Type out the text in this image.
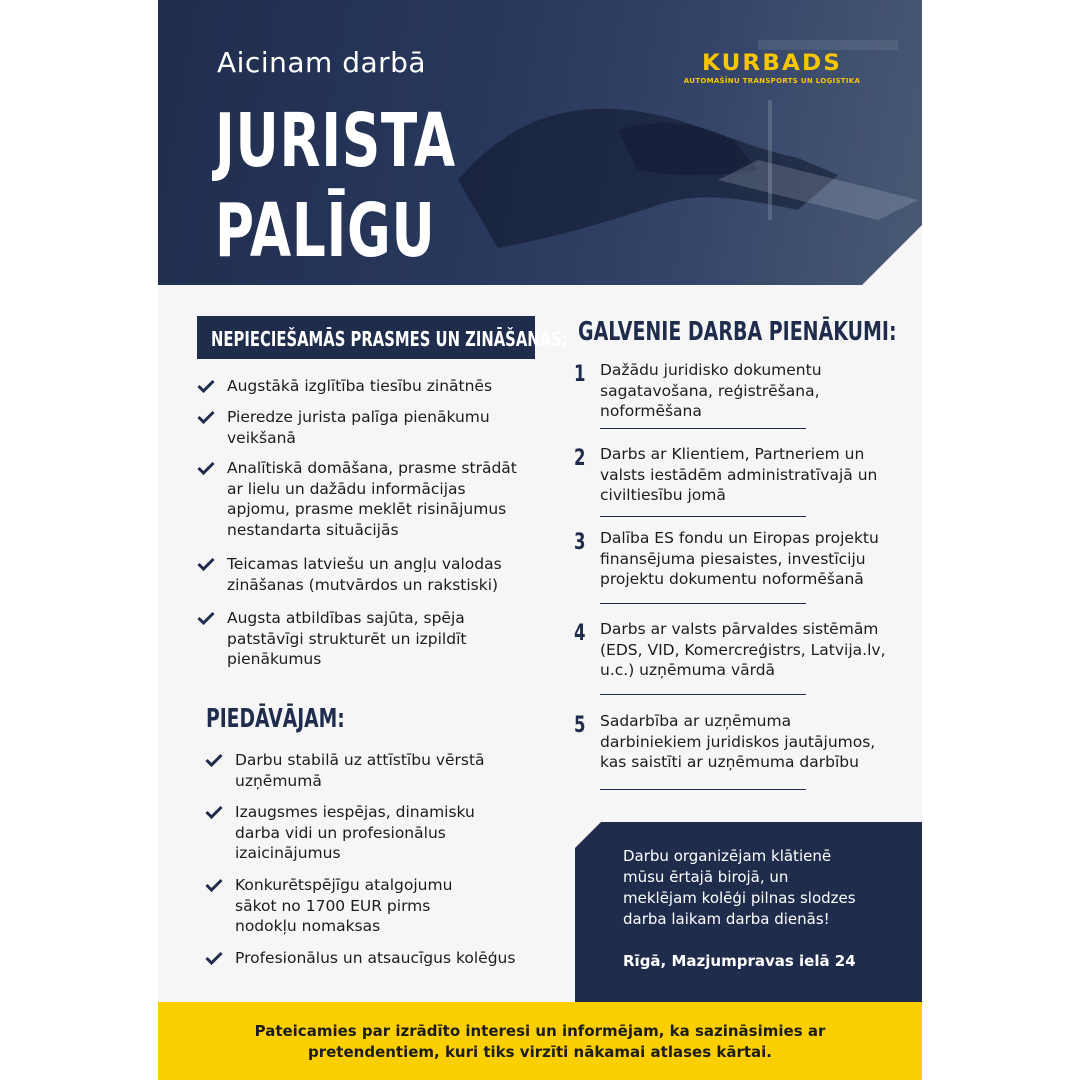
Aicinam darbā
JURISTA
PALĪGU
KURBADS
AUTOMAŠĪNU TRANSPORTS UN LOĢISTIKA
NEPIECIEŠAMĀS PRASMES UN ZINĀŠANAS:
Augstākā izglītība tiesību zinātnēs
Pieredze jurista palīga pienākumu
veikšanā
Analītiskā domāšana, prasme strādāt
ar lielu un dažādu informācijas
apjomu, prasme meklēt risinājumus
nestandarta situācijās
Teicamas latviešu un angļu valodas
zināšanas (mutvārdos un rakstiski)
Augsta atbildības sajūta, spēja
patstāvīgi strukturēt un izpildīt
pienākumus
PIEDĀVĀJAM:
Darbu stabilā uz attīstību vērstā
uzņēmumā
Izaugsmes iespējas, dinamisku
darba vidi un profesionālus
izaicinājumus
Konkurētspējīgu atalgojumu
sākot no 1700 EUR pirms
nodokļu nomaksas
Profesionālus un atsaucīgus kolēģus
GALVENIE DARBA PIENĀKUMI:
1 Dažādu juridisko dokumentu
sagatavošana, reģistrēšana,
noformēšana
2 Darbs ar Klientiem, Partneriem un
valsts iestādēm administratīvajā un
civiltiesību jomā
3 Dalība ES fondu un Eiropas projektu
finansējuma piesaistes, investīciju
projektu dokumentu noformēšanā
4 Darbs ar valsts pārvaldes sistēmām
(EDS, VID, Komercreģistrs, Latvija.lv,
u.c.) uzņēmuma vārdā
5 Sadarbība ar uzņēmuma
darbiniekiem juridiskos jautājumos,
kas saistīti ar uzņēmuma darbību
Darbu organizējam klātienē
mūsu ērtajā birojā, un
meklējam kolēģi pilnas slodzes
darba laikam darba dienās!
Rīgā, Mazjumpravas ielā 24
Pateicamies par izrādīto interesi un informējam, ka sazināsimies ar
pretendentiem, kuri tiks virzīti nākamai atlases kārtai.
